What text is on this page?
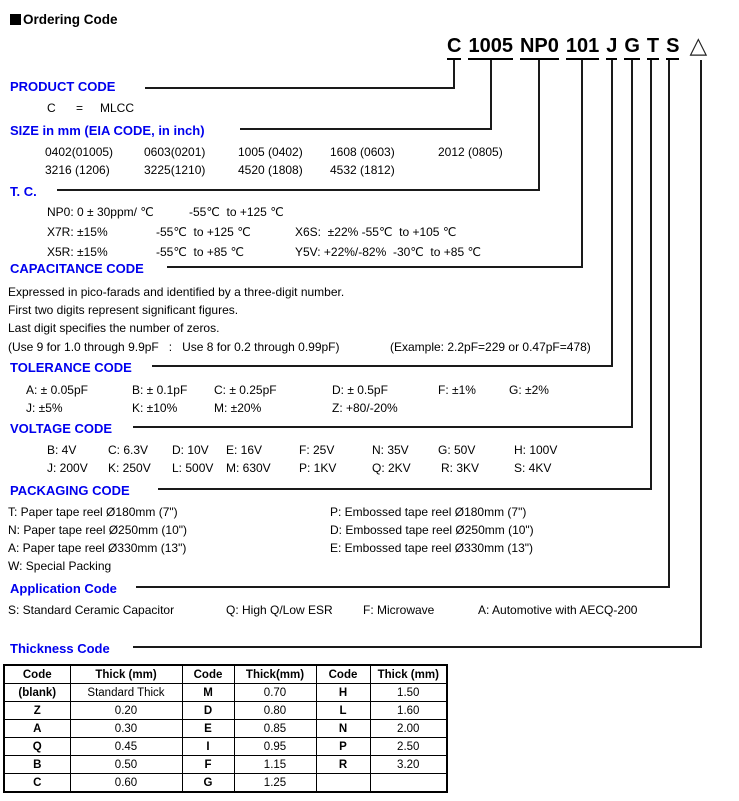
Ordering Code
C 1005 NP0 101 J G T S △
PRODUCT CODE
C = MLCC
SIZE in mm (EIA CODE, in inch)
0402(01005)	0603(0201)	1005 (0402) 1608 (0603)	2012 (0805)
3216 (1206)	3225(1210)	4520 (1808) 4532 (1812)
T. C.
NP0: 0 ± 30ppm/ ℃	-55℃  to +125 ℃
X7R: ±15%	-55℃  to +125 ℃	X6S:  ±22% -55℃  to +105 ℃
X5R: ±15%	-55℃  to +85 ℃	Y5V: +22%/-82%  -30℃  to +85 ℃
CAPACITANCE CODE
Expressed in pico-farads and identified by a three-digit number.
First two digits represent significant figures.
Last digit specifies the number of zeros.
(Use 9 for 1.0 through 9.9pF   :   Use 8 for 0.2 through 0.99pF)	(Example: 2.2pF=229 or 0.47pF=478)
TOLERANCE CODE
A: ± 0.05pF	B: ± 0.1pF C: ± 0.25pF	D: ± 0.5pF	F: ±1%	G: ±2%
J: ±5%	K: ±10%	M: ±20%	Z: +80/-20%
VOLTAGE CODE
B: 4V	C: 6.3V D: 10V E: 16V	F: 25V	N: 35V G: 50V	H: 100V
J: 200V K: 250V L: 500V M: 630V P: 1KV	Q: 2KV	R: 3KV	S: 4KV
PACKAGING CODE
T: Paper tape reel Ø180mm (7")	P: Embossed tape reel Ø180mm (7")
N: Paper tape reel Ø250mm (10")	D: Embossed tape reel Ø250mm (10")
A: Paper tape reel Ø330mm (13")	E: Embossed tape reel Ø330mm (13")
W: Special Packing
Application Code
S: Standard Ceramic Capacitor	Q: High Q/Low ESR	F: Microwave	A: Automotive with AECQ-200
Thickness Code
Code	Thick (mm)	Code	Thick(mm)	Code	Thick (mm)
(blank)	Standard Thick	M	0.70	H	1.50
Z	0.20	D	0.80	L	1.60
A	0.30	E	0.85	N	2.00
Q	0.45	I	0.95	P	2.50
B	0.50	F	1.15	R	3.20
C	0.60	G	1.25		
